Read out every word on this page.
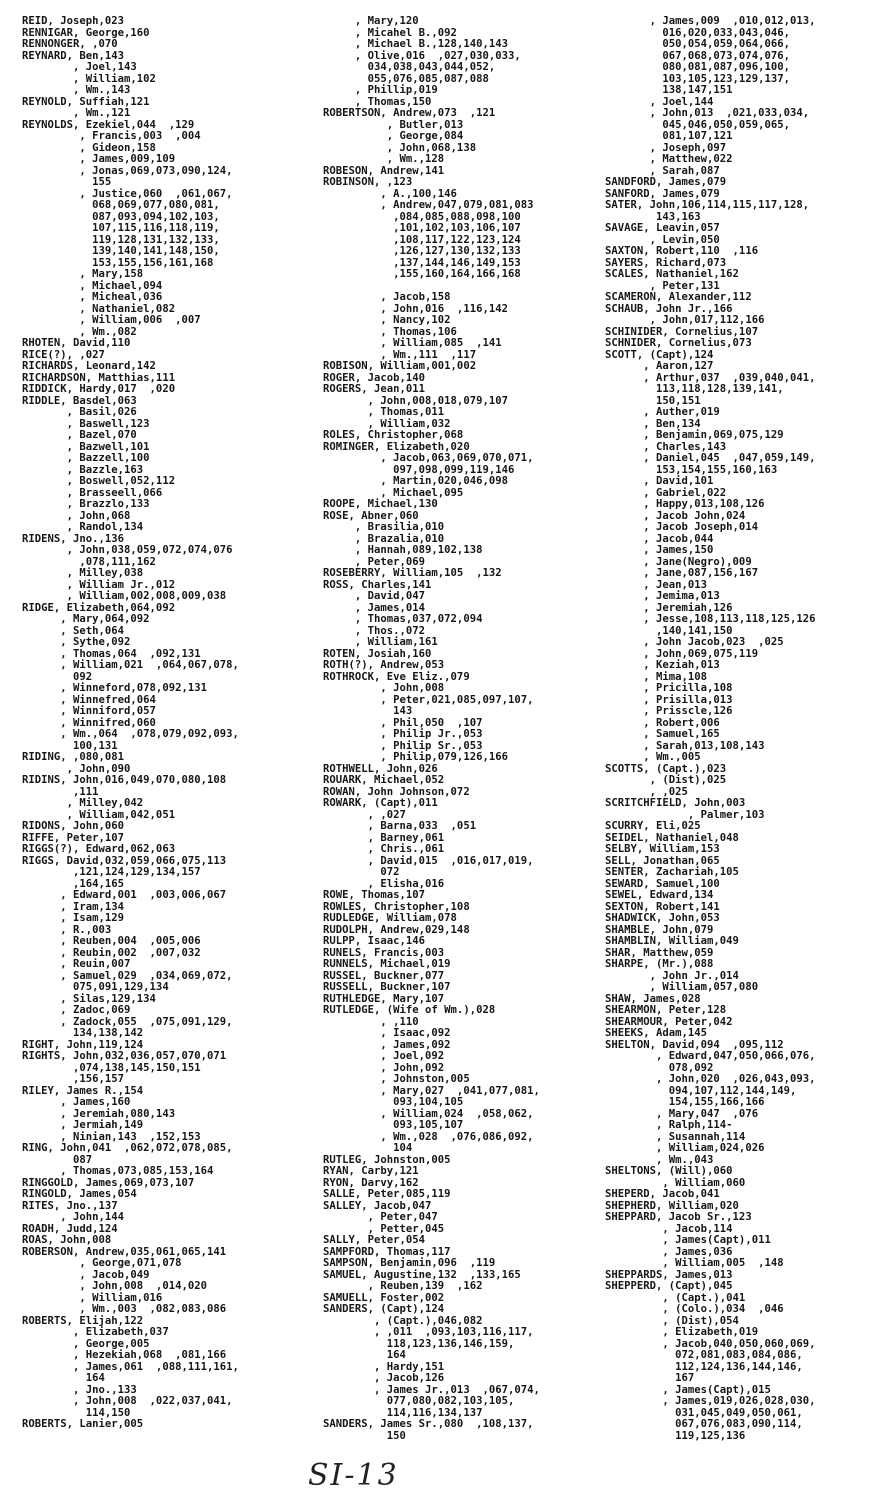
REID, Joseph,023
RENNIGAR, George,160
RENNONGER, ,070
REYNARD, Ben,143
, Joel,143
, William,102
, Wm.,143
REYNOLD, Suffiah,121
, Wm.,121
REYNOLDS, Ezekiel,044  ,129
, Francis,003  ,004
, Gideon,158
, James,009,109
, Jonas,069,073,090,124,
155
, Justice,060  ,061,067,
068,069,077,080,081,
087,093,094,102,103,
107,115,116,118,119,
119,128,131,132,133,
139,140,141,148,150,
153,155,156,161,168
, Mary,158
, Michael,094
, Micheal,036
, Nathaniel,082
, William,006  ,007
, Wm.,082
RHOTEN, David,110
RICE(?), ,027
RICHARDS, Leonard,142
RICHARDSON, Matthias,111
RIDDICK, Hardy,017  ,020
RIDDLE, Basdel,063
, Basil,026
, Baswell,123
, Bazel,070
, Bazwell,101
, Bazzell,100
, Bazzle,163
, Boswell,052,112
, Brasseell,066
, Brazzlo,133
, John,068
, Randol,134
RIDENS, Jno.,136
, John,038,059,072,074,076
,078,111,162
, Milley,038
, William Jr.,012
, William,002,008,009,038
RIDGE, Elizabeth,064,092
, Mary,064,092
, Seth,064
, Sythe,092
, Thomas,064  ,092,131
, William,021  ,064,067,078,
092
, Winneford,078,092,131
, Winnefred,064
, Winniford,057
, Winnifred,060
, Wm.,064  ,078,079,092,093,
100,131
RIDING, ,080,081
, John,090
RIDINS, John,016,049,070,080,108
,111
, Milley,042
, William,042,051
RIDONS, John,060
RIFFE, Peter,107
RIGGS(?), Edward,062,063
RIGGS, David,032,059,066,075,113
,121,124,129,134,157
,164,165
, Edward,001  ,003,006,067
, Iram,134
, Isam,129
, R.,003
, Reuben,004  ,005,006
, Reubin,002  ,007,032
, Reuin,007
, Samuel,029  ,034,069,072,
075,091,129,134
, Silas,129,134
, Zadoc,069
, Zadock,055  ,075,091,129,
134,138,142
RIGHT, John,119,124
RIGHTS, John,032,036,057,070,071
,074,138,145,150,151
,156,157
RILEY, James R.,154
, James,160
, Jeremiah,080,143
, Jermiah,149
, Ninian,143  ,152,153
RING, John,041  ,062,072,078,085,
087
, Thomas,073,085,153,164
RINGGOLD, James,069,073,107
RINGOLD, James,054
RITES, Jno.,137
, John,144
ROADH, Judd,124
ROAS, John,008
ROBERSON, Andrew,035,061,065,141
, George,071,078
, Jacob,049
, John,008  ,014,020
, William,016
, Wm.,003  ,082,083,086
ROBERTS, Elijah,122
, Elizabeth,037
, George,005
, Hezekiah,068  ,081,166
, James,061  ,088,111,161,
164
, Jno.,133
, John,008  ,022,037,041,
114,150
ROBERTS, Lanier,005
, Mary,120
, Micahel B.,092
, Michael B.,128,140,143
, Olive,016  ,027,030,033,
034,038,043,044,052,
055,076,085,087,088
, Phillip,019
, Thomas,150
ROBERTSON, Andrew,073  ,121
, Butler,013
, George,084
, John,068,138
, Wm.,128
ROBESON, Andrew,141
ROBINSON, ,123
, A.,100,146
, Andrew,047,079,081,083
,084,085,088,098,100
,101,102,103,106,107
,108,117,122,123,124
,126,127,130,132,133
,137,144,146,149,153
,155,160,164,166,168
, Jacob,158
, John,016  ,116,142
, Nancy,102
, Thomas,106
, William,085  ,141
, Wm.,111  ,117
ROBISON, William,001,002
ROGER, Jacob,140
ROGERS, Jean,011
, John,008,018,079,107
, Thomas,011
, William,032
ROLES, Christopher,068
ROMINGER, Elizabeth,020
, Jacob,063,069,070,071,
097,098,099,119,146
, Martin,020,046,098
, Michael,095
ROOPE, Michael,130
ROSE, Abner,060
, Brasilia,010
, Brazalia,010
, Hannah,089,102,138
, Peter,069
ROSEBERRY, William,105  ,132
ROSS, Charles,141
, David,047
, James,014
, Thomas,037,072,094
, Thos.,072
, William,161
ROTEN, Josiah,160
ROTH(?), Andrew,053
ROTHROCK, Eve Eliz.,079
, John,008
, Peter,021,085,097,107,
143
, Phil,050  ,107
, Philip Jr.,053
, Philip Sr.,053
, Philip,079,126,166
ROTHWELL, John,026
ROUARK, Michael,052
ROWAN, John Johnson,072
ROWARK, (Capt),011
, ,027
, Barna,033  ,051
, Barney,061
, Chris.,061
, David,015  ,016,017,019,
072
, Elisha,016
ROWE, Thomas,107
ROWLES, Christopher,108
RUDLEDGE, William,078
RUDOLPH, Andrew,029,148
RULPP, Isaac,146
RUNELS, Francis,003
RUNNELS, Michael,019
RUSSEL, Buckner,077
RUSSELL, Buckner,107
RUTHLEDGE, Mary,107
RUTLEDGE, (Wife of Wm.),028
, ,110
, Isaac,092
, James,092
, Joel,092
, John,092
, Johnston,005
, Mary,027  ,041,077,081,
093,104,105
, William,024  ,058,062,
093,105,107
, Wm.,028  ,076,086,092,
104
RUTLEG, Johnston,005
RYAN, Carby,121
RYON, Darvy,162
SALLE, Peter,085,119
SALLEY, Jacob,047
, Peter,047
, Petter,045
SALLY, Peter,054
SAMPFORD, Thomas,117
SAMPSON, Benjamin,096  ,119
SAMUEL, Augustine,132  ,133,165
, Reuben,139  ,162
SAMUELL, Foster,002
SANDERS, (Capt),124
, (Capt.),046,082
, ,011  ,093,103,116,117,
118,123,136,146,159,
164
, Hardy,151
, Jacob,126
, James Jr.,013  ,067,074,
077,080,082,103,105,
114,116,134,137
SANDERS, James Sr.,080  ,108,137,
150
, James,009  ,010,012,013,
016,020,033,043,046,
050,054,059,064,066,
067,068,073,074,076,
080,081,087,096,100,
103,105,123,129,137,
138,147,151
, Joel,144
, John,013  ,021,033,034,
045,046,050,059,065,
081,107,121
, Joseph,097
, Matthew,022
, Sarah,087
SANDFORD, James,079
SANFORD, James,079
SATER, John,106,114,115,117,128,
143,163
SAVAGE, Leavin,057
, Levin,050
SAXTON, Robert,110  ,116
SAYERS, Richard,073
SCALES, Nathaniel,162
, Peter,131
SCAMERON, Alexander,112
SCHAUB, John Jr.,166
, John,017,112,166
SCHINIDER, Cornelius,107
SCHNIDER, Cornelius,073
SCOTT, (Capt),124
, Aaron,127
, Arthur,037  ,039,040,041,
113,118,128,139,141,
150,151
, Auther,019
, Ben,134
, Benjamin,069,075,129
, Charles,143
, Daniel,045  ,047,059,149,
153,154,155,160,163
, David,101
, Gabriel,022
, Happy,013,108,126
, Jacob John,024
, Jacob Joseph,014
, Jacob,044
, James,150
, Jane(Negro),009
, Jane,087,156,167
, Jean,013
, Jemima,013
, Jeremiah,126
, Jesse,108,113,118,125,126
,140,141,150
, John Jacob,023  ,025
, John,069,075,119
, Keziah,013
, Mima,108
, Pricilla,108
, Prisilla,013
, Prisscle,126
, Robert,006
, Samuel,165
, Sarah,013,108,143
, Wm.,005
SCOTTS, (Capt.),023
, (Dist),025
, ,025
SCRITCHFIELD, John,003
, Palmer,103
SCURRY, Eli,025
SEIDEL, Nathaniel,048
SELBY, William,153
SELL, Jonathan,065
SENTER, Zachariah,105
SEWARD, Samuel,100
SEWEL, Edward,134
SEXTON, Robert,141
SHADWICK, John,053
SHAMBLE, John,079
SHAMBLIN, William,049
SHAR, Matthew,059
SHARPE, (Mr.),088
, John Jr.,014
, William,057,080
SHAW, James,028
SHEARMON, Peter,128
SHEARMOUR, Peter,042
SHEEKS, Adam,145
SHELTON, David,094  ,095,112
, Edward,047,050,066,076,
078,092
, John,020  ,026,043,093,
094,107,112,144,149,
154,155,166,166
, Mary,047  ,076
, Ralph,114-
, Susannah,114
, William,024,026
, Wm.,043
SHELTONS, (Will),060
, William,060
SHEPERD, Jacob,041
SHEPHERD, William,020
SHEPPARD, Jacob Sr.,123
, Jacob,114
, James(Capt),011
, James,036
, William,005  ,148
SHEPPARDS, James,013
SHEPPERD, (Capt),045
, (Capt.),041
, (Colo.),034  ,046
, (Dist),054
, Elizabeth,019
, Jacob,040,050,060,069,
072,081,083,084,086,
112,124,136,144,146,
167
, James(Capt),015
, James,019,026,028,030,
031,045,049,050,061,
067,076,083,090,114,
119,125,136
SI-13
